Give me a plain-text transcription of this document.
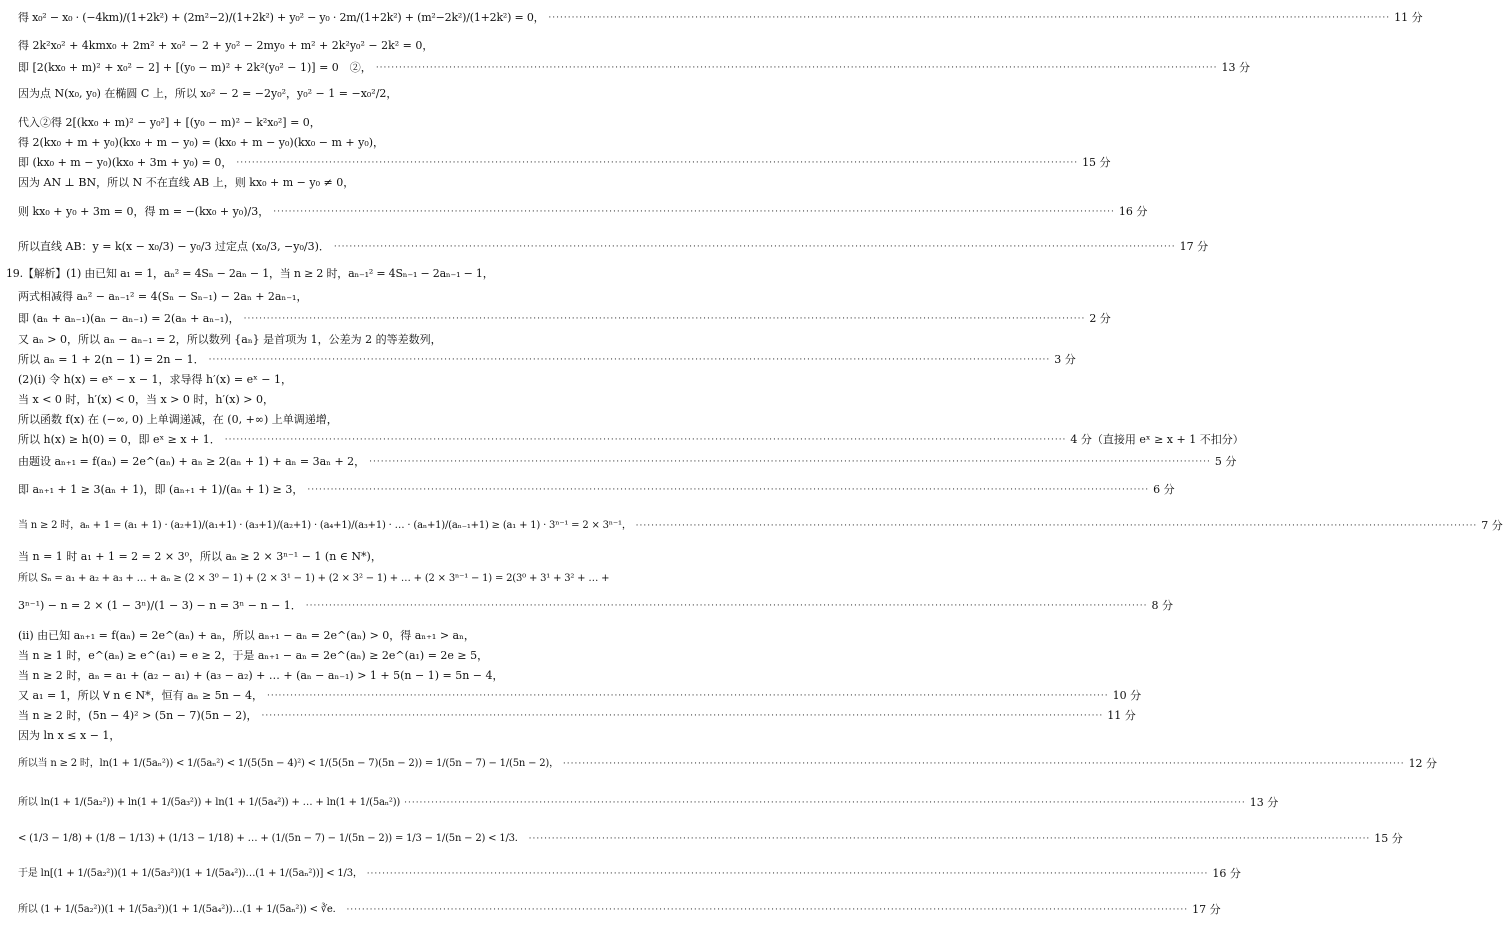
得 x₀² − x₀ · (−4km)/(1+2k²) + (2m²−2)/(1+2k²) + y₀² − y₀ · 2m/(1+2k²) + (m²−2k²)/(1+2k²) = 0， ·····	11 分
得 2k²x₀² + 4kmx₀ + 2m² + x₀² − 2 + y₀² − 2my₀ + m² + 2k²y₀² − 2k² = 0，
即 [2(kx₀ + m)² + x₀² − 2] + [(y₀ − m)² + 2k²(y₀² − 1)] = 0　②， ·····	13 分
因为点 N(x₀, y₀) 在椭圆 C 上，所以 x₀² − 2 = −2y₀²，y₀² − 1 = −x₀²/2，
代入②得 2[(kx₀ + m)² − y₀²] + [(y₀ − m)² − k²x₀²] = 0，
得 2(kx₀ + m + y₀)(kx₀ + m − y₀) = (kx₀ + m − y₀)(kx₀ − m + y₀)，
即 (kx₀ + m − y₀)(kx₀ + 3m + y₀) = 0， ·····	15 分
因为 AN ⊥ BN，所以 N 不在直线 AB 上，则 kx₀ + m − y₀ ≠ 0，
则 kx₀ + y₀ + 3m = 0，得 m = −(kx₀ + y₀)/3， ·····	16 分
所以直线 AB：y = k(x − x₀/3) − y₀/3 过定点 (x₀/3, −y₀/3)． ·····	17 分
19.【解析】(1) 由已知 a₁ = 1，aₙ² = 4Sₙ − 2aₙ − 1，当 n ≥ 2 时，aₙ₋₁² = 4Sₙ₋₁ − 2aₙ₋₁ − 1，
两式相减得 aₙ² − aₙ₋₁² = 4(Sₙ − Sₙ₋₁) − 2aₙ + 2aₙ₋₁，
即 (aₙ + aₙ₋₁)(aₙ − aₙ₋₁) = 2(aₙ + aₙ₋₁)， ·····	2 分
又 aₙ > 0，所以 aₙ − aₙ₋₁ = 2，所以数列 {aₙ} 是首项为 1，公差为 2 的等差数列，
所以 aₙ = 1 + 2(n − 1) = 2n − 1． ·····	3 分
(2)(ⅰ) 令 h(x) = eˣ − x − 1，求导得 h′(x) = eˣ − 1，
当 x < 0 时，h′(x) < 0，当 x > 0 时，h′(x) > 0，
所以函数 f(x) 在 (−∞, 0) 上单调递减，在 (0, +∞) 上单调递增，
所以 h(x) ≥ h(0) = 0，即 eˣ ≥ x + 1． ·····	4 分（直接用 eˣ ≥ x + 1 不扣分）
由题设 aₙ₊₁ = f(aₙ) = 2e^(aₙ) + aₙ ≥ 2(aₙ + 1) + aₙ = 3aₙ + 2， ·····	5 分
即 aₙ₊₁ + 1 ≥ 3(aₙ + 1)，即 (aₙ₊₁ + 1)/(aₙ + 1) ≥ 3， ·····	6 分
当 n ≥ 2 时，aₙ + 1 = (a₁ + 1) · (a₂+1)/(a₁+1) · (a₃+1)/(a₂+1) · (a₄+1)/(a₃+1) · … · (aₙ+1)/(aₙ₋₁+1) ≥ (a₁ + 1) · 3ⁿ⁻¹ = 2 × 3ⁿ⁻¹， ·····	7 分
当 n = 1 时 a₁ + 1 = 2 = 2 × 3⁰，所以 aₙ ≥ 2 × 3ⁿ⁻¹ − 1 (n ∈ N*)，
所以 Sₙ = a₁ + a₂ + a₃ + … + aₙ ≥ (2 × 3⁰ − 1) + (2 × 3¹ − 1) + (2 × 3² − 1) + … + (2 × 3ⁿ⁻¹ − 1) = 2(3⁰ + 3¹ + 3² + … +
3ⁿ⁻¹) − n = 2 × (1 − 3ⁿ)/(1 − 3) − n = 3ⁿ − n − 1． ·····	8 分
(ⅱ) 由已知 aₙ₊₁ = f(aₙ) = 2e^(aₙ) + aₙ，所以 aₙ₊₁ − aₙ = 2e^(aₙ) > 0，得 aₙ₊₁ > aₙ，
当 n ≥ 1 时，e^(aₙ) ≥ e^(a₁) = e ≥ 2，于是 aₙ₊₁ − aₙ = 2e^(aₙ) ≥ 2e^(a₁) = 2e ≥ 5，
当 n ≥ 2 时，aₙ = a₁ + (a₂ − a₁) + (a₃ − a₂) + … + (aₙ − aₙ₋₁) > 1 + 5(n − 1) = 5n − 4，
又 a₁ = 1，所以 ∀ n ∈ N*，恒有 aₙ ≥ 5n − 4， ·····	10 分
当 n ≥ 2 时，(5n − 4)² > (5n − 7)(5n − 2)， ·····	11 分
因为 ln x ≤ x − 1，
所以当 n ≥ 2 时，ln(1 + 1/(5aₙ²)) < 1/(5aₙ²) < 1/(5(5n − 4)²) < 1/(5(5n − 7)(5n − 2)) = 1/(5n − 7) − 1/(5n − 2)， ·····	12 分
所以 ln(1 + 1/(5a₂²)) + ln(1 + 1/(5a₃²)) + ln(1 + 1/(5a₄²)) + … + ln(1 + 1/(5aₙ²)) ·····	13 分
< (1/3 − 1/8) + (1/8 − 1/13) + (1/13 − 1/18) + … + (1/(5n − 7) − 1/(5n − 2)) = 1/3 − 1/(5n − 2) < 1/3． ·····	15 分
于是 ln[(1 + 1/(5a₂²))(1 + 1/(5a₃²))(1 + 1/(5a₄²))…(1 + 1/(5aₙ²))] < 1/3， ·····	16 分
所以 (1 + 1/(5a₂²))(1 + 1/(5a₃²))(1 + 1/(5a₄²))…(1 + 1/(5aₙ²)) < ∛e． ·····	17 分
